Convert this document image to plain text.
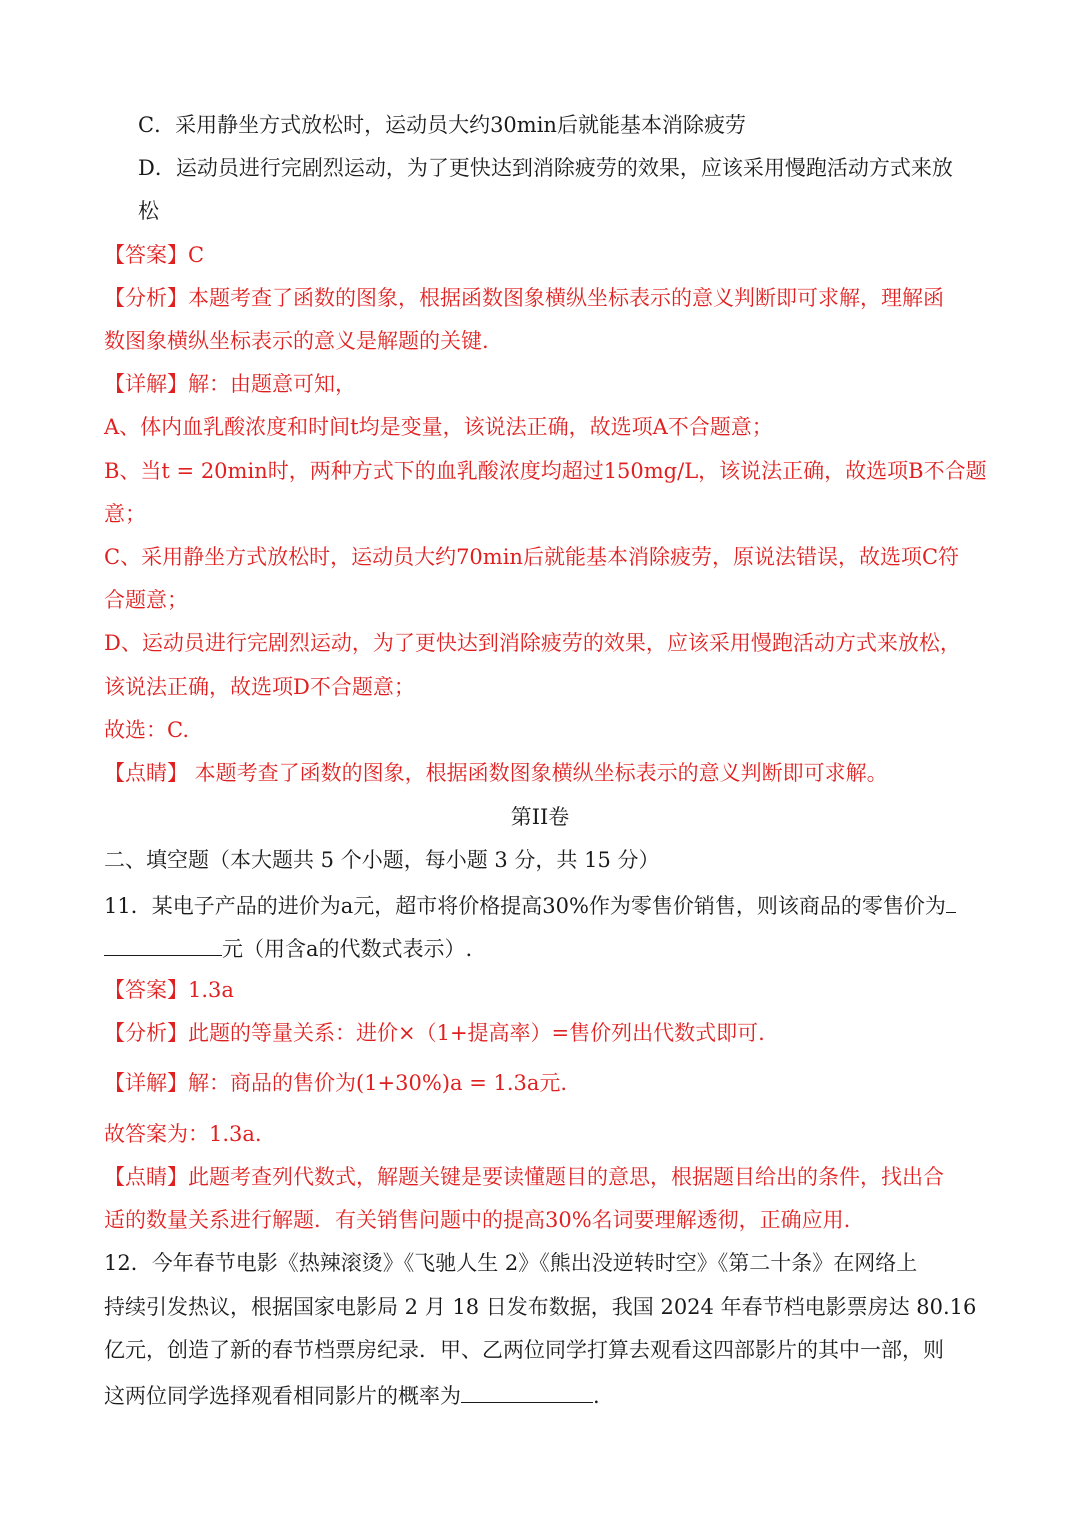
C．采用静坐方式放松时，运动员大约30min后就能基本消除疲劳
D．运动员进行完剧烈运动，为了更快达到消除疲劳的效果，应该采用慢跑活动方式来放
松
【答案】C
【分析】本题考查了函数的图象，根据函数图象横纵坐标表示的意义判断即可求解，理解函
数图象横纵坐标表示的意义是解题的关键.
【详解】解：由题意可知，
A、体内血乳酸浓度和时间t均是变量，该说法正确，故选项A不合题意；
B、当t = 20min时，两种方式下的血乳酸浓度均超过150mg/L，该说法正确，故选项B不合题
意；
C、采用静坐方式放松时，运动员大约70min后就能基本消除疲劳，原说法错误，故选项C符
合题意；
D、运动员进行完剧烈运动，为了更快达到消除疲劳的效果，应该采用慢跑活动方式来放松，
该说法正确，故选项D不合题意；
故选：C.
【点睛】 本题考查了函数的图象，根据函数图象横纵坐标表示的意义判断即可求解。
第II卷
二、填空题（本大题共 5 个小题，每小题 3 分，共 15 分）
11．某电子产品的进价为a元，超市将价格提高30%作为零售价销售，则该商品的零售价为
元（用含a的代数式表示）.
【答案】1.3a
【分析】此题的等量关系：进价×（1+提高率）=售价列出代数式即可.
【详解】解：商品的售价为(1+30%)a = 1.3a元.
故答案为：1.3a.
【点睛】此题考查列代数式，解题关键是要读懂题目的意思，根据题目给出的条件，找出合
适的数量关系进行解题．有关销售问题中的提高30%名词要理解透彻，正确应用.
12．今年春节电影《热辣滚烫》《飞驰人生 2》《熊出没逆转时空》《第二十条》在网络上
持续引发热议，根据国家电影局 2 月 18 日发布数据，我国 2024 年春节档电影票房达 80.16
亿元，创造了新的春节档票房纪录．甲、乙两位同学打算去观看这四部影片的其中一部，则
这两位同学选择观看相同影片的概率为	.
